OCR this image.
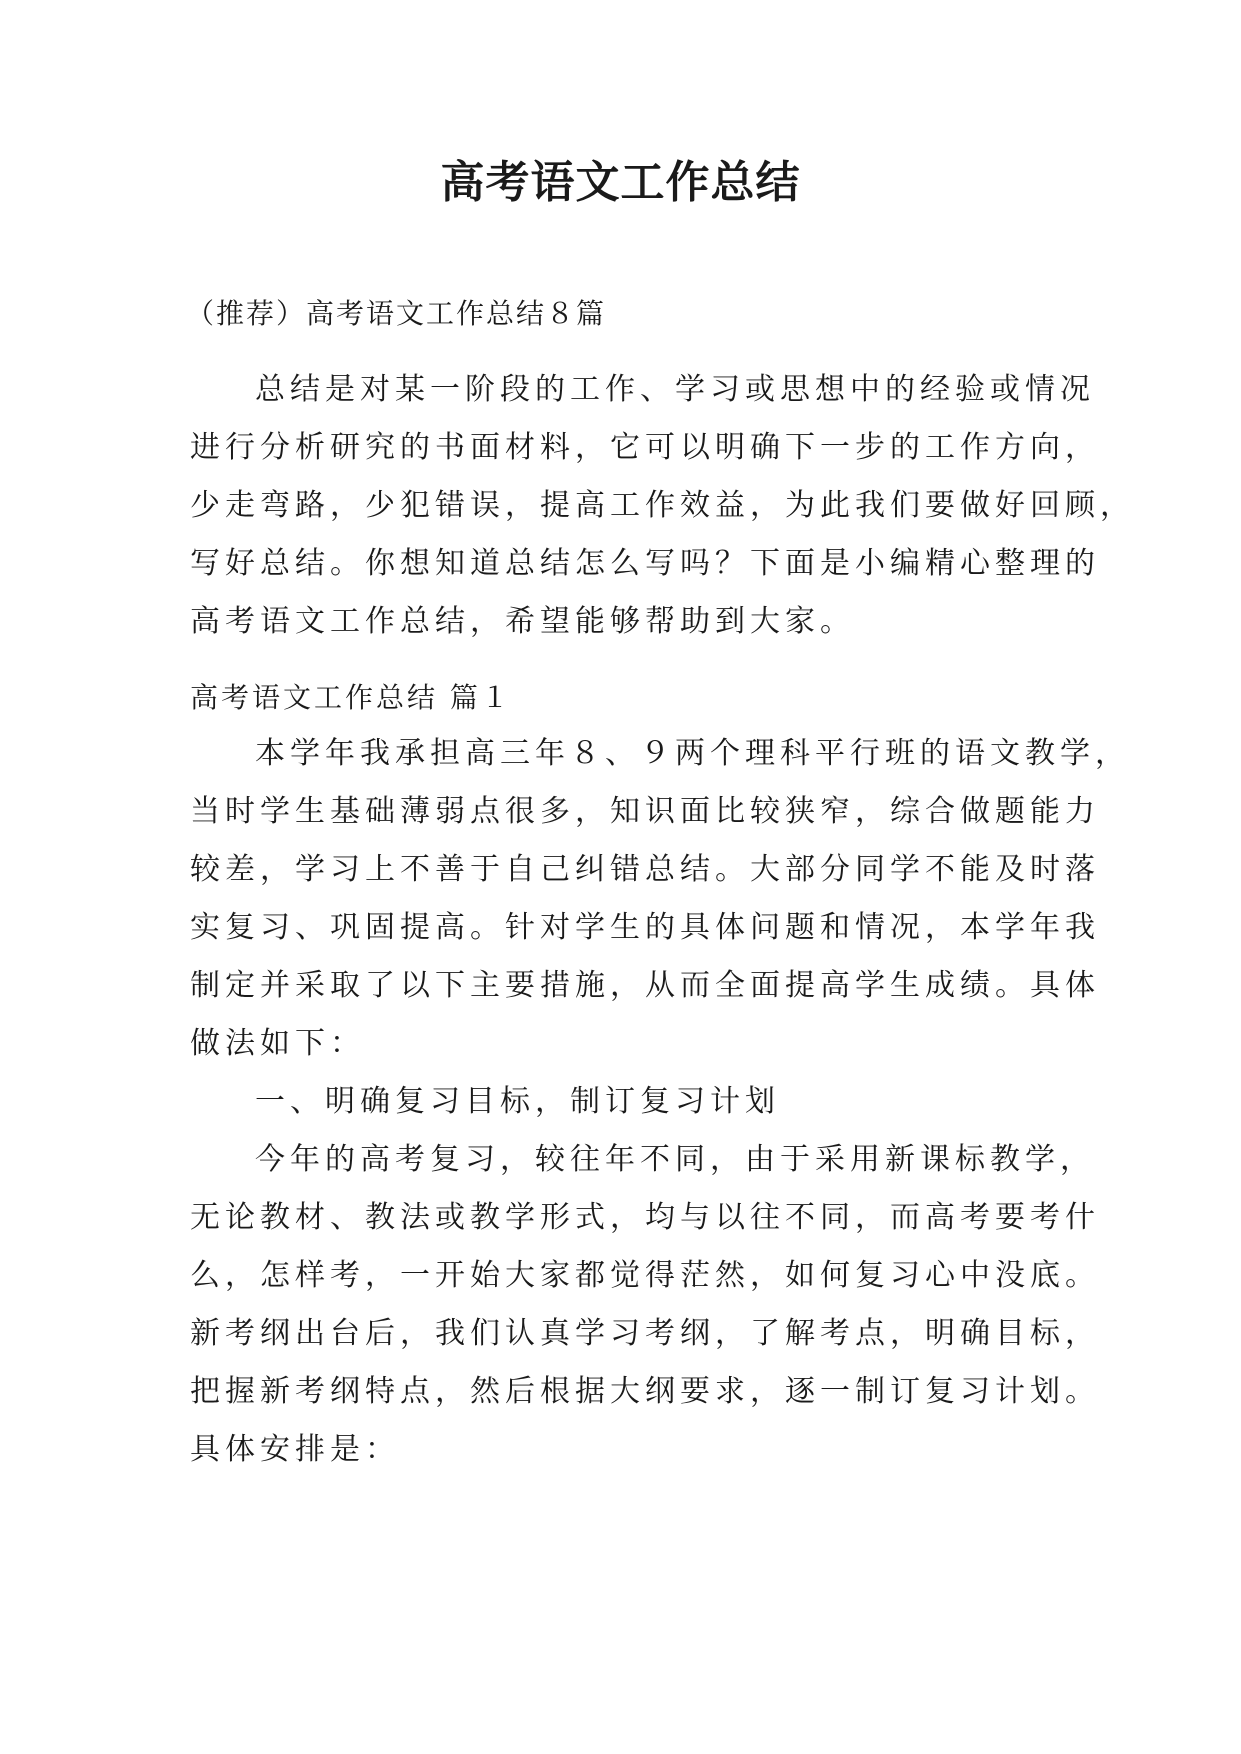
高考语文工作总结
（推荐）高考语文工作总结８篇
总结是对某一阶段的工作、学习或思想中的经验或情况
进行分析研究的书面材料，它可以明确下一步的工作方向，
少走弯路，少犯错误，提高工作效益，为此我们要做好回顾，
写好总结。你想知道总结怎么写吗？下面是小编精心整理的
高考语文工作总结，希望能够帮助到大家。
高考语文工作总结 篇１
本学年我承担高三年８、９两个理科平行班的语文教学，
当时学生基础薄弱点很多，知识面比较狭窄，综合做题能力
较差，学习上不善于自己纠错总结。大部分同学不能及时落
实复习、巩固提高。针对学生的具体问题和情况，本学年我
制定并采取了以下主要措施，从而全面提高学生成绩。具体
做法如下：
一、明确复习目标，制订复习计划
今年的高考复习，较往年不同，由于采用新课标教学，
无论教材、教法或教学形式，均与以往不同，而高考要考什
么，怎样考，一开始大家都觉得茫然，如何复习心中没底。
新考纲出台后，我们认真学习考纲，了解考点，明确目标，
把握新考纲特点，然后根据大纲要求，逐一制订复习计划。
具体安排是：
